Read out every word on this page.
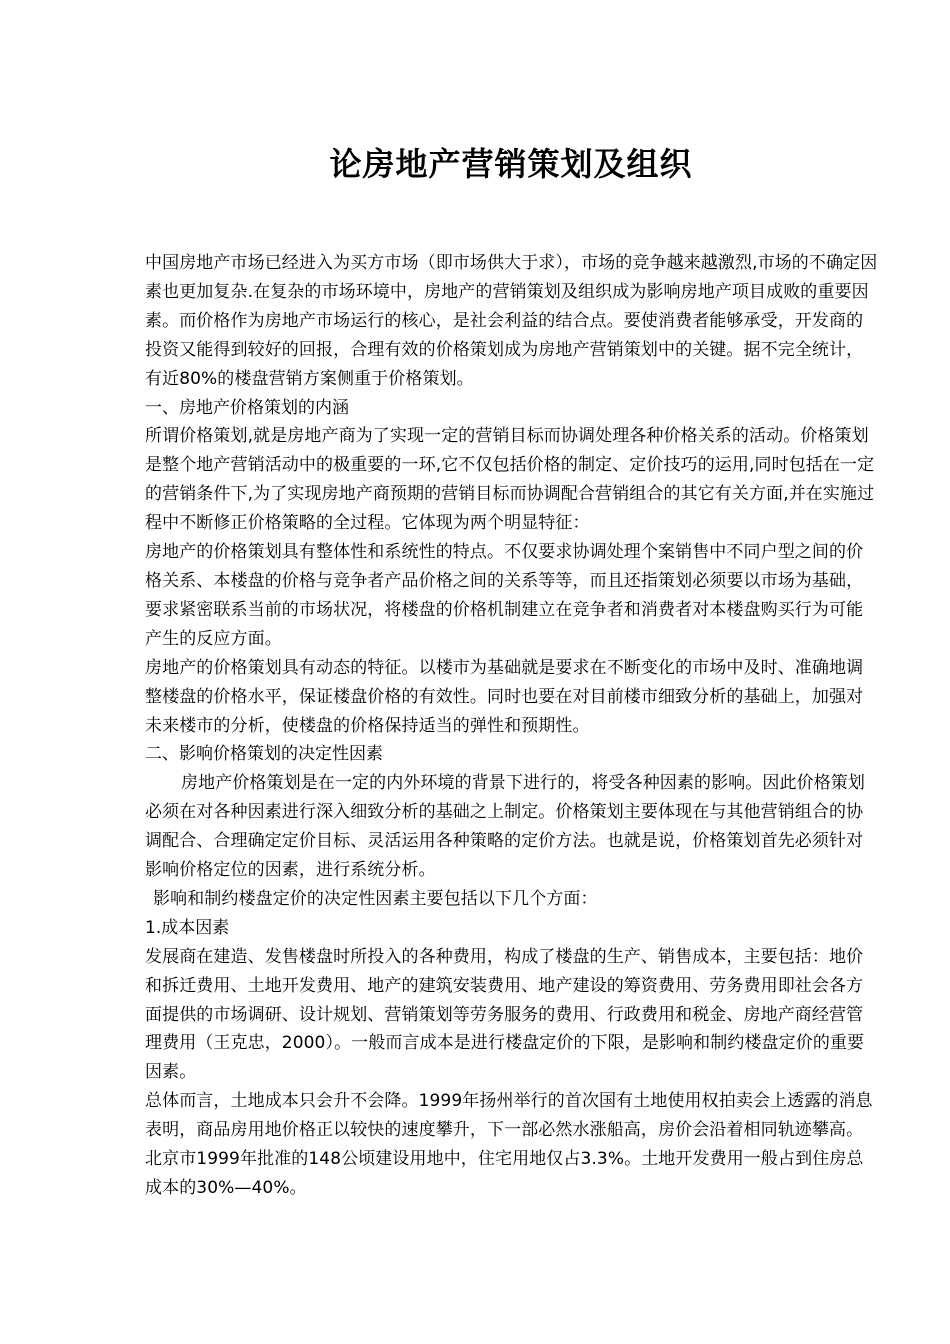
论房地产营销策划及组织

中国房地产市场已经进入为买方市场（即市场供大于求），市场的竞争越来越激烈,市场的不确定因素也更加复杂.在复杂的市场环境中，房地产的营销策划及组织成为影响房地产项目成败的重要因素。而价格作为房地产市场运行的核心，是社会利益的结合点。要使消费者能够承受，开发商的投资又能得到较好的回报，合理有效的价格策划成为房地产营销策划中的关键。据不完全统计，有近80%的楼盘营销方案侧重于价格策划。

一、房地产价格策划的内涵

所谓价格策划,就是房地产商为了实现一定的营销目标而协调处理各种价格关系的活动。价格策划是整个地产营销活动中的极重要的一环,它不仅包括价格的制定、定价技巧的运用,同时包括在一定的营销条件下,为了实现房地产商预期的营销目标而协调配合营销组合的其它有关方面,并在实施过程中不断修正价格策略的全过程。它体现为两个明显特征：

房地产的价格策划具有整体性和系统性的特点。不仅要求协调处理个案销售中不同户型之间的价格关系、本楼盘的价格与竞争者产品价格之间的关系等等，而且还指策划必须要以市场为基础，要求紧密联系当前的市场状况，将楼盘的价格机制建立在竞争者和消费者对本楼盘购买行为可能产生的反应方面。

房地产的价格策划具有动态的特征。以楼市为基础就是要求在不断变化的市场中及时、准确地调整楼盘的价格水平，保证楼盘价格的有效性。同时也要在对目前楼市细致分析的基础上，加强对未来楼市的分析，使楼盘的价格保持适当的弹性和预期性。

二、影响价格策划的决定性因素

房地产价格策划是在一定的内外环境的背景下进行的，将受各种因素的影响。因此价格策划必须在对各种因素进行深入细致分析的基础之上制定。价格策划主要体现在与其他营销组合的协调配合、合理确定定价目标、灵活运用各种策略的定价方法。也就是说，价格策划首先必须针对影响价格定位的因素，进行系统分析。

影响和制约楼盘定价的决定性因素主要包括以下几个方面：

1.成本因素

发展商在建造、发售楼盘时所投入的各种费用，构成了楼盘的生产、销售成本，主要包括：地价和拆迁费用、土地开发费用、地产的建筑安装费用、地产建设的筹资费用、劳务费用即社会各方面提供的市场调研、设计规划、营销策划等劳务服务的费用、行政费用和税金、房地产商经营管理费用（王克忠，2000）。一般而言成本是进行楼盘定价的下限，是影响和制约楼盘定价的重要因素。

总体而言，土地成本只会升不会降。1999年扬州举行的首次国有土地使用权拍卖会上透露的消息表明，商品房用地价格正以较快的速度攀升，下一部必然水涨船高，房价会沿着相同轨迹攀高。北京市1999年批准的148公顷建设用地中，住宅用地仅占3.3%。土地开发费用一般占到住房总成本的30%—40%。
